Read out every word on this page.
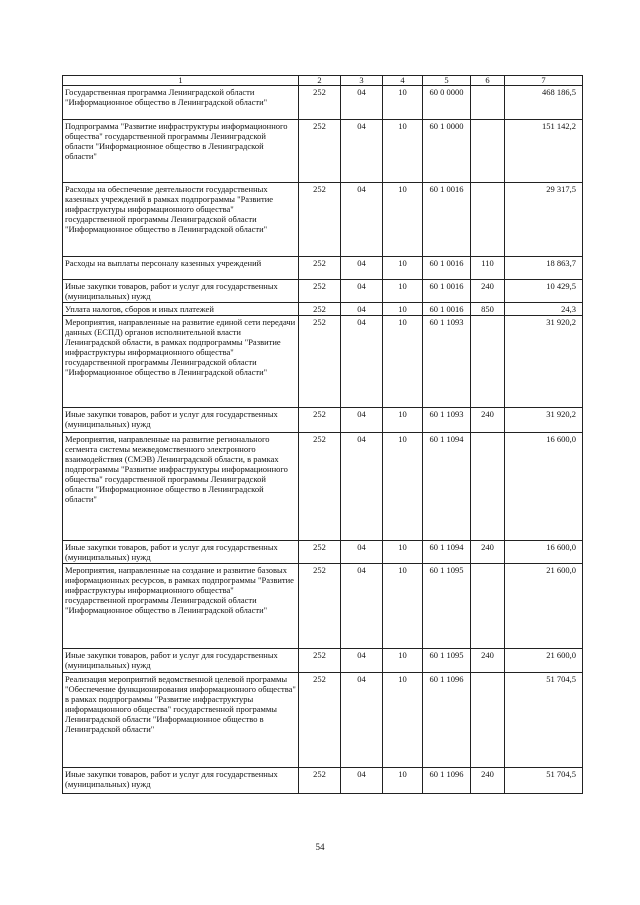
1	2	3	4	5	6	7
Государственная программа Ленинградской области "Информационное общество в Ленинградской области"	252	04	10	60 0 0000		468 186,5
Подпрограмма "Развитие инфраструктуры информационного общества" государственной программы Ленинградской области "Информационное общество в Ленинградской области"	252	04	10	60 1 0000		151 142,2
Расходы на обеспечение деятельности государственных казенных учреждений в рамках подпрограммы "Развитие инфраструктуры информационного общества" государственной программы Ленинградской области "Информационное общество в Ленинградской области"	252	04	10	60 1 0016		29 317,5
Расходы на выплаты персоналу казенных учреждений	252	04	10	60 1 0016	110	18 863,7
Иные закупки товаров, работ и услуг для государственных (муниципальных) нужд	252	04	10	60 1 0016	240	10 429,5
Уплата налогов, сборов и иных платежей	252	04	10	60 1 0016	850	24,3
Мероприятия, направленные на развитие единой сети передачи данных (ЕСПД) органов исполнительной власти Ленинградской области, в рамках подпрограммы "Развитие инфраструктуры информационного общества" государственной программы Ленинградской области "Информационное общество в Ленинградской области"	252	04	10	60 1 1093		31 920,2
Иные закупки товаров, работ и услуг для государственных (муниципальных) нужд	252	04	10	60 1 1093	240	31 920,2
Мероприятия, направленные на развитие регионального сегмента системы межведомственного электронного взаимодействия (СМЭВ) Ленинградской области, в рамках подпрограммы "Развитие инфраструктуры информационного общества" государственной программы Ленинградской области "Информационное общество в Ленинградской области"	252	04	10	60 1 1094		16 600,0
Иные закупки товаров, работ и услуг для государственных (муниципальных) нужд	252	04	10	60 1 1094	240	16 600,0
Мероприятия, направленные на создание и развитие базовых информационных ресурсов, в рамках подпрограммы "Развитие инфраструктуры информационного общества" государственной программы Ленинградской области "Информационное общество в Ленинградской области"	252	04	10	60 1 1095		21 600,0
Иные закупки товаров, работ и услуг для государственных (муниципальных) нужд	252	04	10	60 1 1095	240	21 600,0
Реализация мероприятий ведомственной целевой программы "Обеспечение функционирования информационного общества" в рамках подпрограммы "Развитие инфраструктуры информационного общества" государственной программы Ленинградской области "Информационное общество в Ленинградской области"	252	04	10	60 1 1096		51 704,5
Иные закупки товаров, работ и услуг для государственных (муниципальных) нужд	252	04	10	60 1 1096	240	51 704,5
54
